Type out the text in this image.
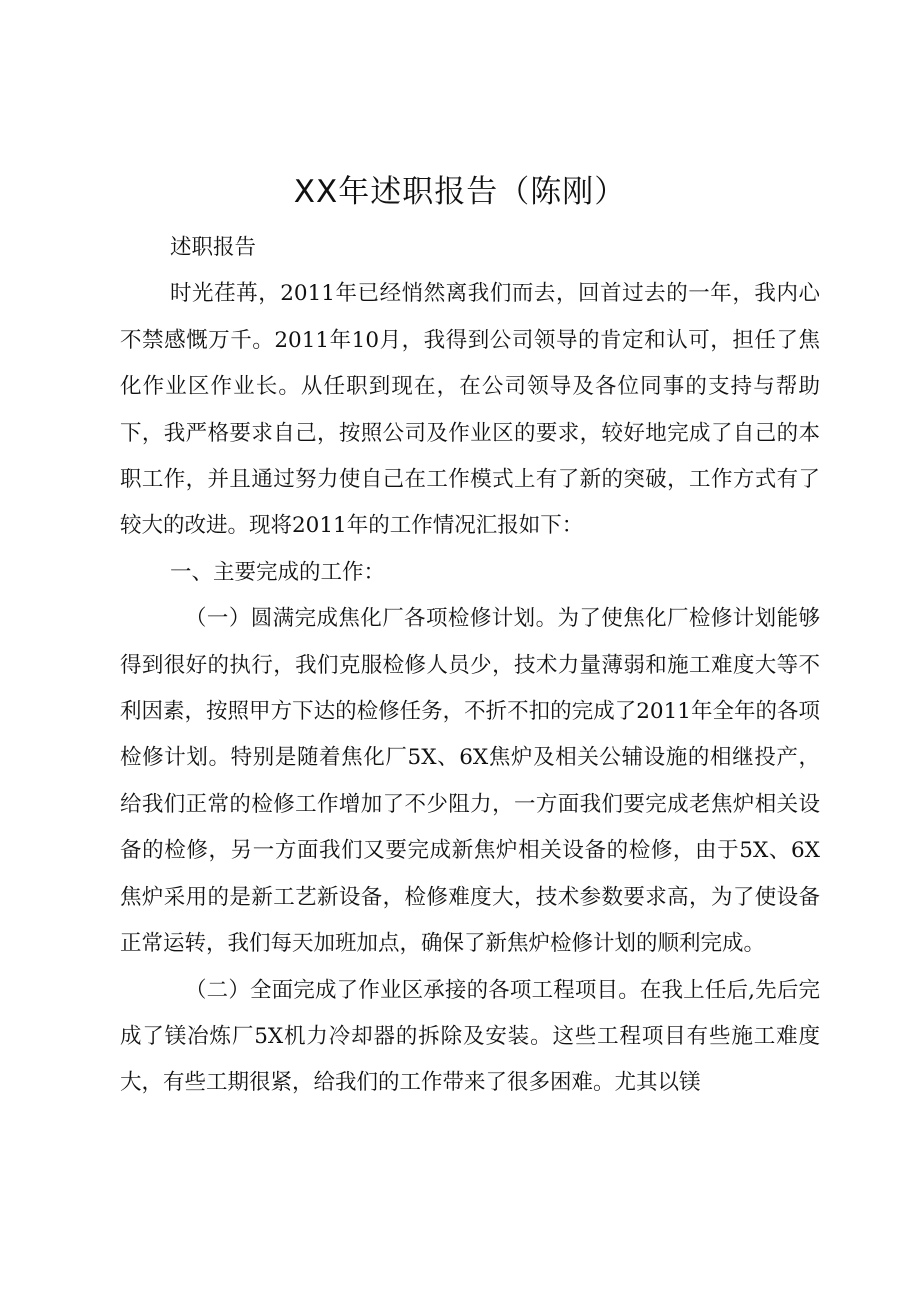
XX年述职报告（陈刚）

述职报告

时光荏苒，2011年已经悄然离我们而去，回首过去的一年，我内心不禁感慨万千。2011年10月，我得到公司领导的肯定和认可，担任了焦化作业区作业长。从任职到现在，在公司领导及各位同事的支持与帮助下，我严格要求自己，按照公司及作业区的要求，较好地完成了自己的本职工作，并且通过努力使自己在工作模式上有了新的突破，工作方式有了较大的改进。现将2011年的工作情况汇报如下：

一、主要完成的工作：

（一）圆满完成焦化厂各项检修计划。为了使焦化厂检修计划能够得到很好的执行，我们克服检修人员少，技术力量薄弱和施工难度大等不利因素，按照甲方下达的检修任务，不折不扣的完成了2011年全年的各项检修计划。特别是随着焦化厂5X、6X焦炉及相关公辅设施的相继投产，给我们正常的检修工作增加了不少阻力，一方面我们要完成老焦炉相关设备的检修，另一方面我们又要完成新焦炉相关设备的检修，由于5X、6X焦炉采用的是新工艺新设备，检修难度大，技术参数要求高，为了使设备正常运转，我们每天加班加点，确保了新焦炉检修计划的顺利完成。

（二）全面完成了作业区承接的各项工程项目。在我上任后,先后完成了镁冶炼厂5X机力冷却器的拆除及安装。这些工程项目有些施工难度大，有些工期很紧，给我们的工作带来了很多困难。尤其以镁
